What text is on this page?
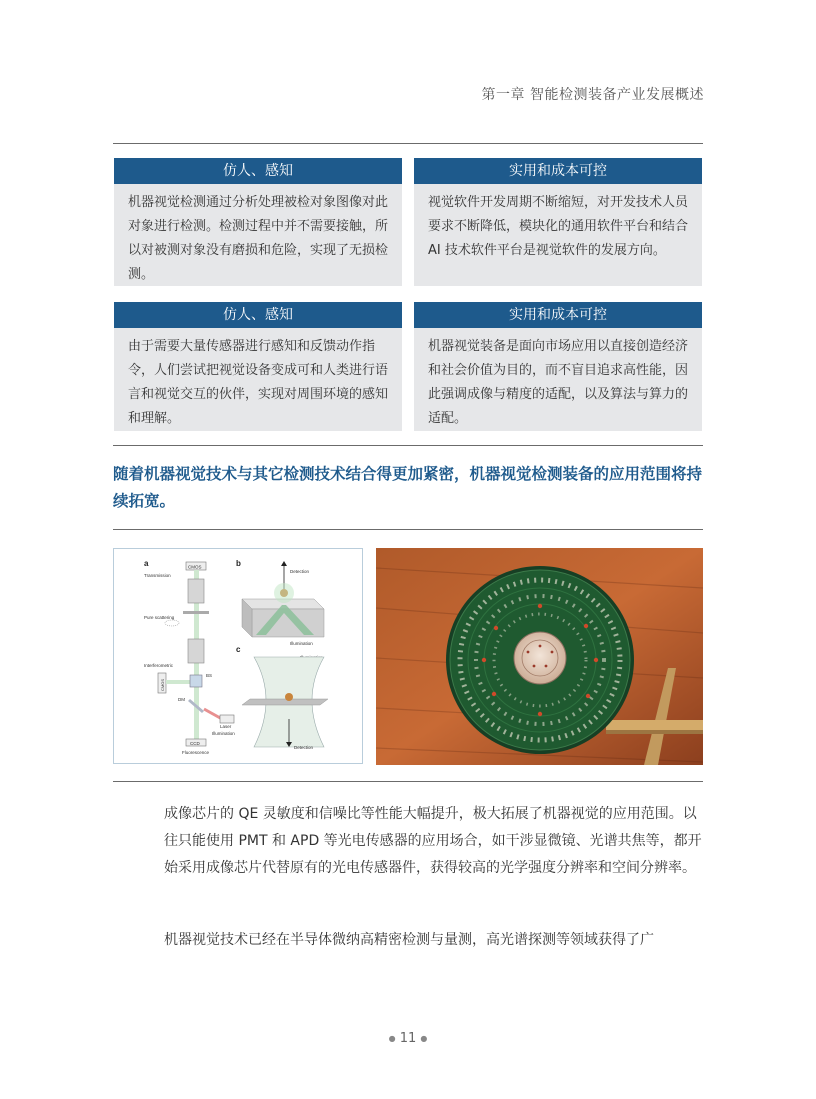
第一章 智能检测装备产业发展概述
仿人、感知
机器视觉检测通过分析处理被检对象图像对此对象进行检测。检测过程中并不需要接触，所以对被测对象没有磨损和危险，实现了无损检测。
实用和成本可控
视觉软件开发周期不断缩短，对开发技术人员要求不断降低，模块化的通用软件平台和结合 AI 技术软件平台是视觉软件的发展方向。
仿人、感知
由于需要大量传感器进行感知和反馈动作指令，人们尝试把视觉设备变成可和人类进行语言和视觉交互的伙伴，实现对周围环境的感知和理解。
实用和成本可控
机器视觉装备是面向市场应用以直接创造经济和社会价值为目的，而不盲目追求高性能，因此强调成像与精度的适配，以及算法与算力的适配。
随着机器视觉技术与其它检测技术结合得更加紧密，机器视觉检测装备的应用范围将持续拓宽。
a	b
c
CMOS
Transmission
Pure scattering
Interferometric
CMOS
BS
DM
Laser
Illumination
CCD
Fluorescence
Detection
Illumination
Detection

成像芯片的 QE 灵敏度和信噪比等性能大幅提升，极大拓展了机器视觉的应用范围。以往只能使用 PMT 和 APD 等光电传感器的应用场合，如干涉显微镜、光谱共焦等，都开始采用成像芯片代替原有的光电传感器件，获得较高的光学强度分辨率和空间分辨率。

机器视觉技术已经在半导体微纳高精密检测与量测，高光谱探测等领域获得了广

● 11 ●
